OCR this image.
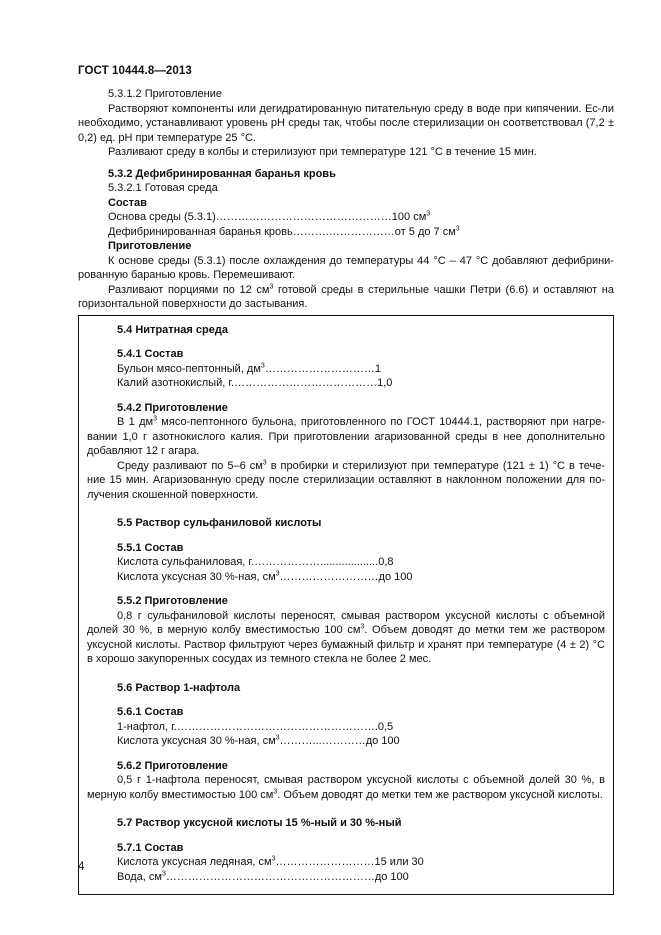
ГОСТ 10444.8—2013

5.3.1.2 Приготовление

Растворяют компоненты или дегидратированную питательную среду в воде при кипячении. Ес-ли необходимо, устанавливают уровень pH среды так, чтобы после стерилизации он соответствовал (7,2 ± 0,2) ед. pH при температуре 25 °C.

Разливают среду в колбы и стерилизуют при температуре 121 °C в течение 15 мин.

5.3.2 Дефибринированная баранья кровь

5.3.2.1 Готовая среда

Состав

Основа среды (5.3.1)…………………………………………100 $см^3$

Дефибринированная баранья кровь……….………………от 5 до 7 $см^3$

Приготовление

К основе среды (5.3.1) после охлаждения до температуры 44 °C – 47 °C добавляют дефибрини-рованную баранью кровь. Перемешивают.

Разливают порциями по 12 $см^3$ готовой среды в стерильные чашки Петри (6.6) и оставляют на горизонтальной поверхности до застывания.

5.4 Нитратная среда

5.4.1 Состав

Бульон мясо-пептонный, $дм^3\dots\dots\dots\dots\dots\dots\dots\dots\dots\dots 1$

Калий азотнокислый, г.…………………………………1,0

5.4.2 Приготовление

В 1 $дм^3$ мясо-пептонного бульона, приготовленного по ГОСТ 10444.1, растворяют при нагре-вании 1,0 г азотнокислого калия. При приготовлении агаризованной среды в нее дополнительно добавляют 12 г агара.

Среду разливают по 5–6 $см^3$ в пробирки и стерилизуют при температуре (121 ± 1) °C в тече-ние 15 мин. Агаризованную среду после стерилизации оставляют в наклонном положении для по-лучения скошенной поверхности.

5.5 Раствор сульфаниловой кислоты

5.5.1 Состав

Кислота сульфаниловая, г.………………...................0,8

Кислота уксусная 30 %-ная, $см^3\dots\dots\dots\dots\dots\dots\dots\dots\dots до$ 100

5.5.2 Приготовление

0,8 г сульфаниловой кислоты переносят, смывая раствором уксусной кислоты с объемной долей 30 %, в мерную колбу вместимостью 100 $см^3$. Объем доводят до метки тем же раствором уксусной кислоты. Раствор фильтруют через бумажный фильтр и хранят при температуре (4 ± 2) °C в хорошо закупоренных сосудах из темного стекла не более 2 мес.

5.6 Раствор 1-нафтола

5.6.1 Состав

1-нафтол, г.……………………………………………….0,5

Кислота уксусная 30 %-ная, $см^3\dots\dots\dots...\dots\dots\dots\dots до$ 100

5.6.2 Приготовление

0,5 г 1-нафтола переносят, смывая раствором уксусной кислоты с объемной долей 30 %, в мерную колбу вместимостью 100 $см^3$. Объем доводят до метки тем же раствором уксусной кислоты.

5.7 Раствор уксусной кислоты 15 %-ный и 30 %-ный

5.7.1 Состав

Кислота уксусная ледяная, $см^3\dots\dots\dots\dots\dots\dots\dots\dots\dots 15$ или 30

Вода, $см^3\dots\dots\dots\dots\dots\dots\dots\dots\dots\dots\dots\dots\dots\dots\dots\dots\dots\dots\dots до$ 100

4
